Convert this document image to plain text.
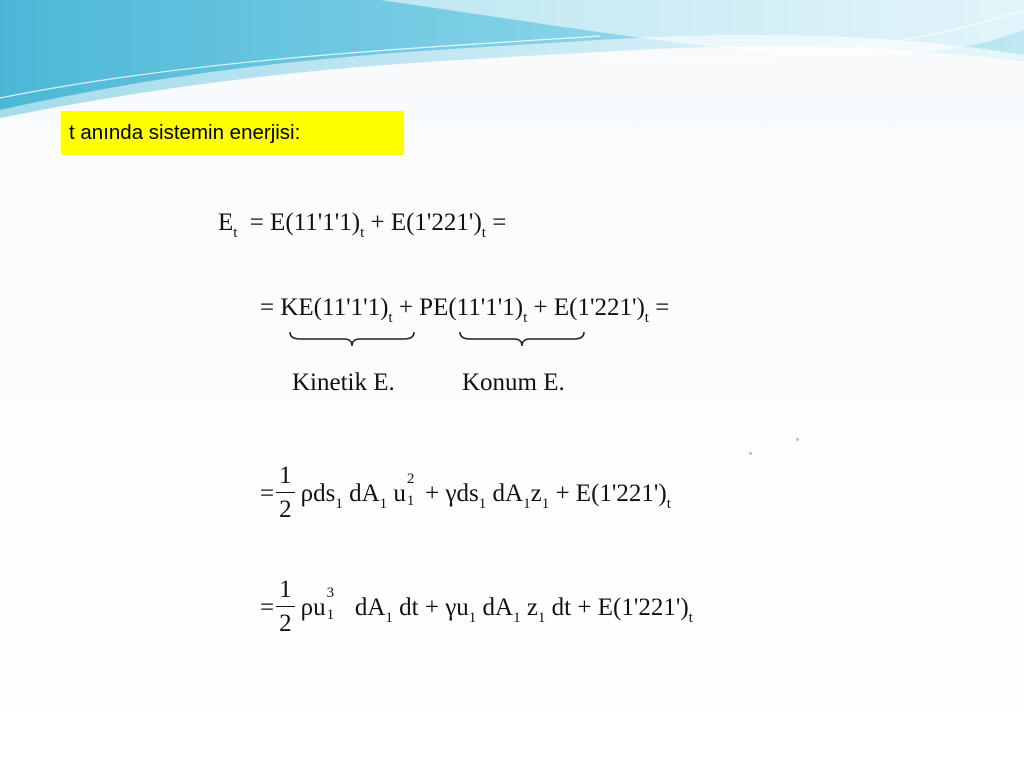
t anında sistemin enerjisi:
$E_t = E(11'1'1)_t + E(1'221')_t$ =
= $KE(11'1'1)_t + PE(11'1'1)_t + E(1'221')_t$ =
Kinetik E.	Konum E.
= $\frac{1}{2} \rho ds_1$ $dA_1$ u
2
1 + γds$_1$ $dA_1z_1 + E(1'221')_t$
= $\frac{1}{2}$ ρu
3
1 $dA_1$ dt + $\gamma u_1$ $dA_1$ $z_1$ dt + $E(1'221')_t$
